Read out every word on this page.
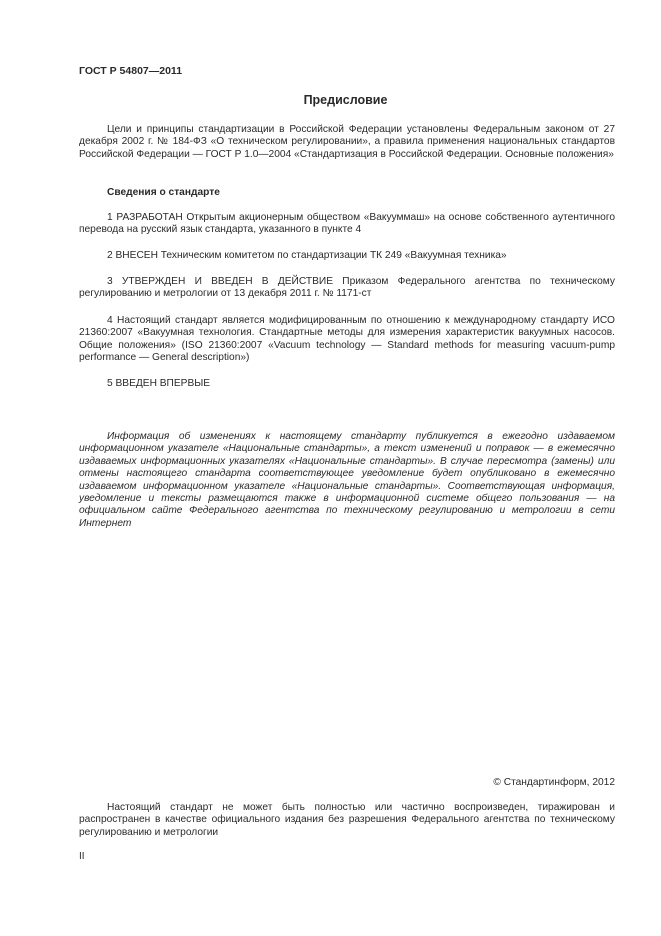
ГОСТ Р 54807—2011
Предисловие
Цели и принципы стандартизации в Российской Федерации установлены Федеральным законом от 27 декабря 2002 г. № 184-ФЗ «О техническом регулировании», а правила применения национальных стандартов Российской Федерации — ГОСТ Р 1.0—2004 «Стандартизация в Российской Федерации. Основные положения»
Сведения о стандарте
1 РАЗРАБОТАН Открытым акционерным обществом «Вакууммаш» на основе собственного аутентичного перевода на русский язык стандарта, указанного в пункте 4
2 ВНЕСЕН Техническим комитетом по стандартизации ТК 249 «Вакуумная техника»
3 УТВЕРЖДЕН И ВВЕДЕН В ДЕЙСТВИЕ Приказом Федерального агентства по техническому регулированию и метрологии от 13 декабря 2011 г. № 1171-ст
4 Настоящий стандарт является модифицированным по отношению к международному стандарту ИСО 21360:2007 «Вакуумная технология. Стандартные методы для измерения характеристик вакуумных насосов. Общие положения» (ISO 21360:2007 «Vacuum technology — Standard methods for measuring vacuum-pump performance — General description»)
5 ВВЕДЕН ВПЕРВЫЕ
Информация об изменениях к настоящему стандарту публикуется в ежегодно издаваемом информационном указателе «Национальные стандарты», а текст изменений и поправок — в ежемесячно издаваемых информационных указателях «Национальные стандарты». В случае пересмотра (замены) или отмены настоящего стандарта соответствующее уведомление будет опубликовано в ежемесячно издаваемом информационном указателе «Национальные стандарты». Соответствующая информация, уведомление и тексты размещаются также в информационной системе общего пользования — на официальном сайте Федерального агентства по техническому регулированию и метрологии в сети Интернет
© Стандартинформ, 2012
Настоящий стандарт не может быть полностью или частично воспроизведен, тиражирован и распространен в качестве официального издания без разрешения Федерального агентства по техническому регулированию и метрологии
II
